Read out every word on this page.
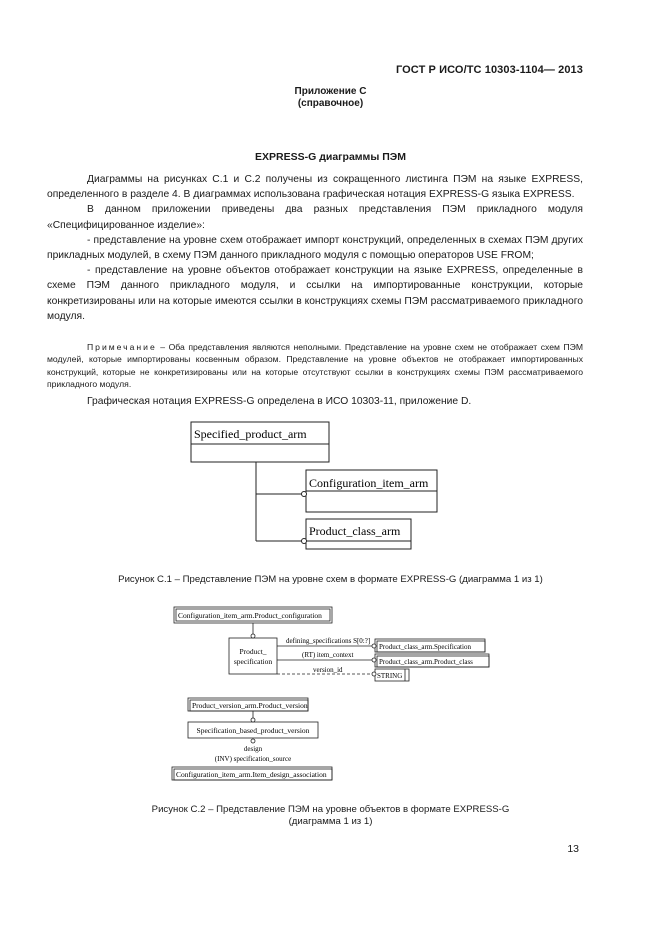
ГОСТ Р ИСО/ТС 10303-1104— 2013
Приложение С
(справочное)
EXPRESS-G диаграммы ПЭМ

Диаграммы на рисунках С.1 и С.2 получены из сокращенного листинга ПЭМ на языке EXPRESS, определенного в разделе 4. В диаграммах использована графическая нотация EXPRESS-G языка EXPRESS.

В данном приложении приведены два разных представления ПЭМ прикладного модуля «Специфицированное изделие»:

- представление на уровне схем отображает импорт конструкций, определенных в схемах ПЭМ других прикладных модулей, в схему ПЭМ данного прикладного модуля с помощью операторов USE FROM;

- представление на уровне объектов отображает конструкции на языке EXPRESS, определенные в схеме ПЭМ данного прикладного модуля, и ссылки на импортированные конструкции, которые конкретизированы или на которые имеются ссылки в конструкциях схемы ПЭМ рассматриваемого прикладного модуля.

Примечание – Оба представления являются неполными. Представление на уровне схем не отображает схем ПЭМ модулей, которые импортированы косвенным образом. Представление на уровне объектов не отображает импортированных конструкций, которые не конкретизированы или на которые отсутствуют ссылки в конструкциях схемы ПЭМ рассматриваемого прикладного модуля.

Графическая нотация EXPRESS-G определена в ИСО 10303-11, приложение D.
Specified_product_arm
Configuration_item_arm
Product_class_arm
Рисунок С.1 – Представление ПЭМ на уровне схем в формате EXPRESS-G (диаграмма 1 из 1)
Configuration_item_arm.Product_configuration
Product_
specification
defining_specifications S[0:?]
(RT) item_context
version_id
Product_class_arm.Specification
Product_class_arm.Product_class
STRING
Product_version_arm.Product_version
Specification_based_product_version
design
(INV) specification_source
Configuration_item_arm.Item_design_association
Рисунок С.2 – Представление ПЭМ на уровне объектов в формате EXPRESS-G
(диаграмма 1 из 1)
13
